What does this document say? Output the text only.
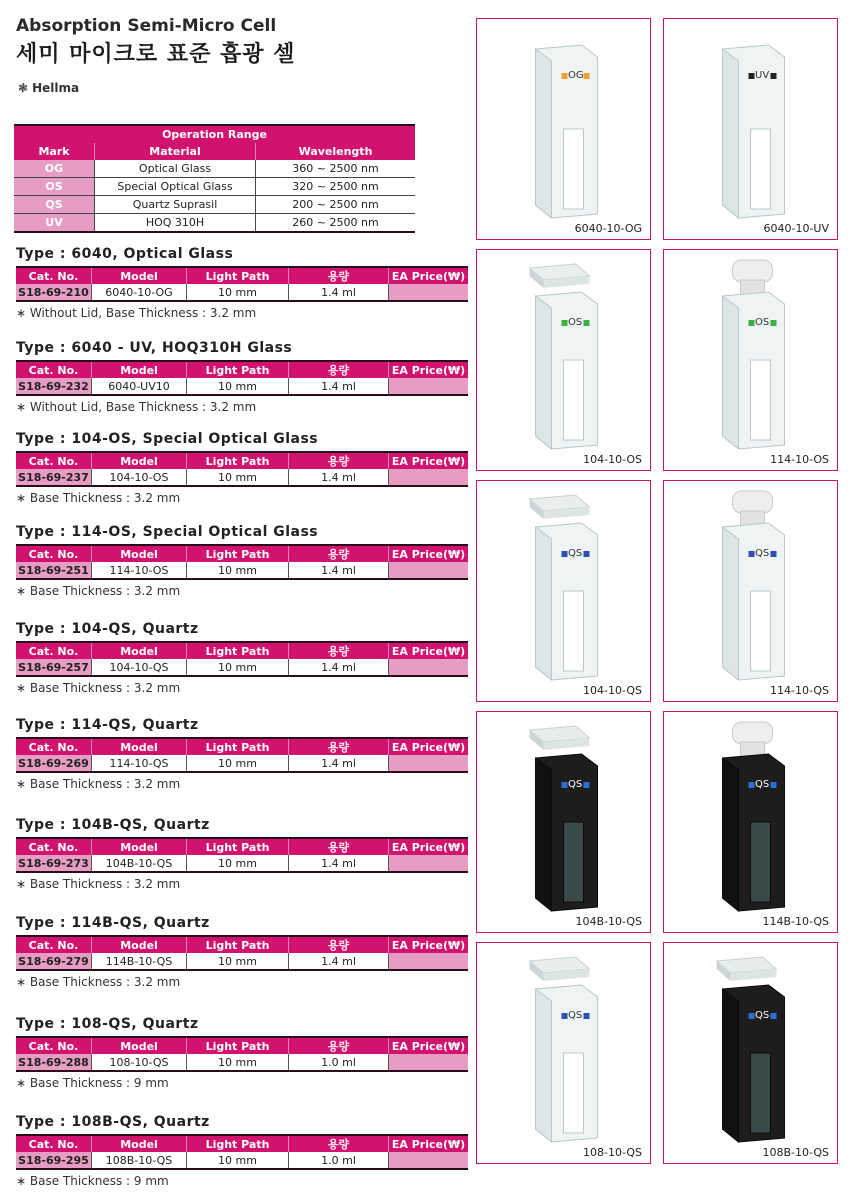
Absorption Semi-Micro Cell
세미 마이크로 표준 흡광 셀
❃ Hellma
Operation Range		
Mark	Material	Wavelength
OG	Optical Glass	360 ~ 2500 nm
OS	Special Optical Glass	320 ~ 2500 nm
QS	Quartz Suprasil	200 ~ 2500 nm
UV	HOQ 310H	260 ~ 2500 nm
Type : 6040, Optical Glass
Cat. No.	Model	Light Path	용량	EA Price(₩)
S18-69-210	6040-10-OG	10 mm	1.4 ml	
∗ Without Lid, Base Thickness : 3.2 mm
Type : 6040 - UV, HOQ310H Glass
Cat. No.	Model	Light Path	용량	EA Price(₩)
S18-69-232	6040-UV10	10 mm	1.4 ml	
∗ Without Lid, Base Thickness : 3.2 mm
Type : 104-OS, Special Optical Glass
Cat. No.	Model	Light Path	용량	EA Price(₩)
S18-69-237	104-10-OS	10 mm	1.4 ml	
∗ Base Thickness : 3.2 mm
Type : 114-OS, Special Optical Glass
Cat. No.	Model	Light Path	용량	EA Price(₩)
S18-69-251	114-10-OS	10 mm	1.4 ml	
∗ Base Thickness : 3.2 mm
Type : 104-QS, Quartz
Cat. No.	Model	Light Path	용량	EA Price(₩)
S18-69-257	104-10-QS	10 mm	1.4 ml	
∗ Base Thickness : 3.2 mm
Type : 114-QS, Quartz
Cat. No.	Model	Light Path	용량	EA Price(₩)
S18-69-269	114-10-QS	10 mm	1.4 ml	
∗ Base Thickness : 3.2 mm
Type : 104B-QS, Quartz
Cat. No.	Model	Light Path	용량	EA Price(₩)
S18-69-273	104B-10-QS	10 mm	1.4 ml	
∗ Base Thickness : 3.2 mm
Type : 114B-QS, Quartz
Cat. No.	Model	Light Path	용량	EA Price(₩)
S18-69-279	114B-10-QS	10 mm	1.4 ml	
∗ Base Thickness : 3.2 mm
Type : 108-QS, Quartz
Cat. No.	Model	Light Path	용량	EA Price(₩)
S18-69-288	108-10-QS	10 mm	1.0 ml	
∗ Base Thickness : 9 mm
Type : 108B-QS, Quartz
Cat. No.	Model	Light Path	용량	EA Price(₩)
S18-69-295	108B-10-QS	10 mm	1.0 ml	
∗ Base Thickness : 9 mm
OG
6040-10-OG
UV
6040-10-UV
OS
104-10-OS
OS
114-10-OS
QS
104-10-QS
QS
114-10-QS
QS
104B-10-QS
QS
114B-10-QS
QS
108-10-QS
QS
108B-10-QS
